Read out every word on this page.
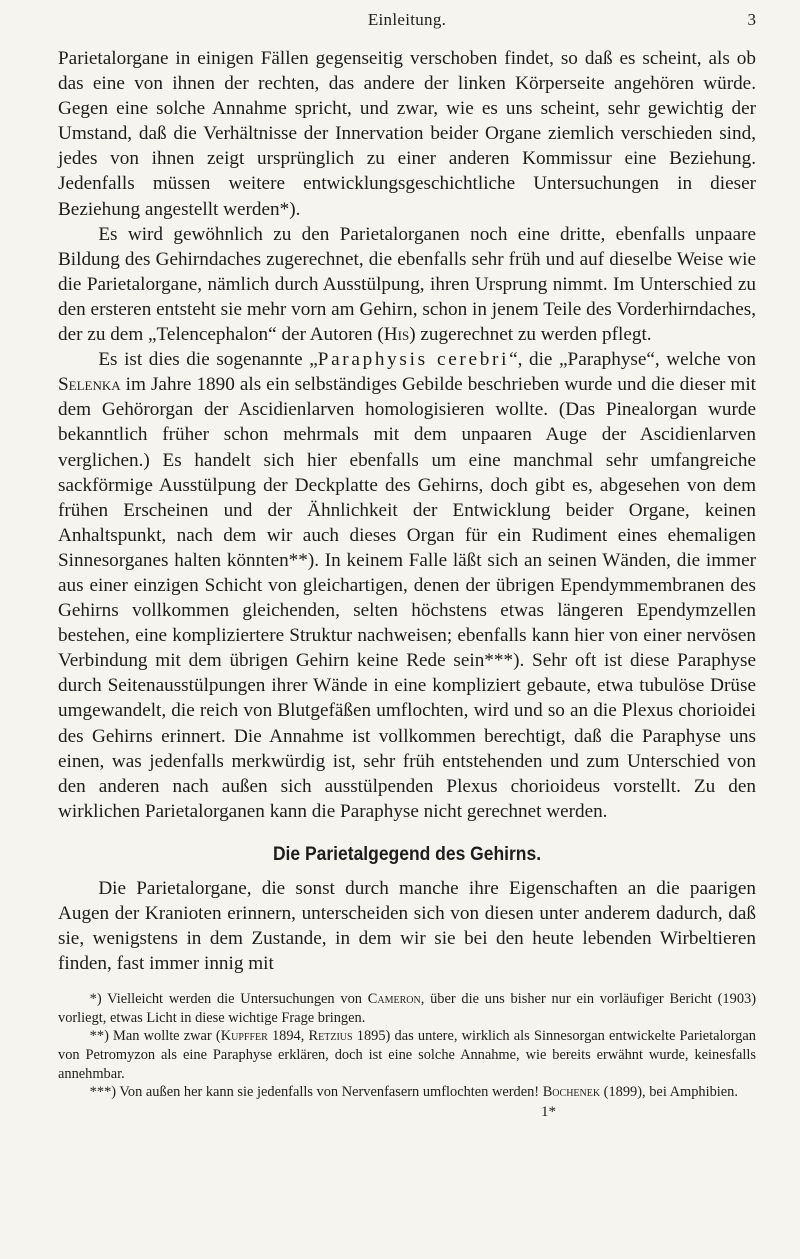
Einleitung.	3

Parietalorgane in einigen Fällen gegenseitig verschoben findet, so daß es scheint, als ob das eine von ihnen der rechten, das andere der linken Körperseite angehören würde. Gegen eine solche Annahme spricht, und zwar, wie es uns scheint, sehr gewichtig der Umstand, daß die Verhältnisse der Innervation beider Organe ziemlich verschieden sind, jedes von ihnen zeigt ursprünglich zu einer anderen Kommissur eine Beziehung. Jedenfalls müssen weitere entwicklungsgeschichtliche Untersuchungen in dieser Beziehung angestellt werden*).

Es wird gewöhnlich zu den Parietalorganen noch eine dritte, ebenfalls unpaare Bildung des Gehirndaches zugerechnet, die ebenfalls sehr früh und auf dieselbe Weise wie die Parietalorgane, nämlich durch Ausstülpung, ihren Ursprung nimmt. Im Unterschied zu den ersteren entsteht sie mehr vorn am Gehirn, schon in jenem Teile des Vorderhirndaches, der zu dem „Telencephalon“ der Autoren (His) zugerechnet zu werden pflegt.

Es ist dies die sogenannte „Paraphysis cerebri“, die „Paraphyse“, welche von Selenka im Jahre 1890 als ein selbständiges Gebilde beschrieben wurde und die dieser mit dem Gehörorgan der Ascidienlarven homologisieren wollte. (Das Pinealorgan wurde bekanntlich früher schon mehrmals mit dem unpaaren Auge der Ascidienlarven verglichen.) Es handelt sich hier ebenfalls um eine manchmal sehr umfangreiche sackförmige Ausstülpung der Deckplatte des Gehirns, doch gibt es, abgesehen von dem frühen Erscheinen und der Ähnlichkeit der Entwicklung beider Organe, keinen Anhaltspunkt, nach dem wir auch dieses Organ für ein Rudiment eines ehemaligen Sinnesorganes halten könnten**). In keinem Falle läßt sich an seinen Wänden, die immer aus einer einzigen Schicht von gleichartigen, denen der übrigen Ependymmembranen des Gehirns vollkommen gleichenden, selten höchstens etwas längeren Ependymzellen bestehen, eine kompliziertere Struktur nachweisen; ebenfalls kann hier von einer nervösen Verbindung mit dem übrigen Gehirn keine Rede sein***). Sehr oft ist diese Paraphyse durch Seitenausstülpungen ihrer Wände in eine kompliziert gebaute, etwa tubulöse Drüse umgewandelt, die reich von Blutgefäßen umflochten, wird und so an die Plexus chorioidei des Gehirns erinnert. Die Annahme ist vollkommen berechtigt, daß die Paraphyse uns einen, was jedenfalls merkwürdig ist, sehr früh entstehenden und zum Unterschied von den anderen nach außen sich ausstülpenden Plexus chorioideus vorstellt. Zu den wirklichen Parietalorganen kann die Paraphyse nicht gerechnet werden.

Die Parietalgegend des Gehirns.

Die Parietalorgane, die sonst durch manche ihre Eigenschaften an die paarigen Augen der Kranioten erinnern, unterscheiden sich von diesen unter anderem dadurch, daß sie, wenigstens in dem Zustande, in dem wir sie bei den heute lebenden Wirbeltieren finden, fast immer innig mit

*) Vielleicht werden die Untersuchungen von Cameron, über die uns bisher nur ein vorläufiger Bericht (1903) vorliegt, etwas Licht in diese wichtige Frage bringen.

**) Man wollte zwar (Kupffer 1894, Retzius 1895) das untere, wirklich als Sinnesorgan entwickelte Parietalorgan von Petromyzon als eine Paraphyse erklären, doch ist eine solche Annahme, wie bereits erwähnt wurde, keinesfalls annehmbar.

***) Von außen her kann sie jedenfalls von Nervenfasern umflochten werden! Bochenek (1899), bei Amphibien.

1*
